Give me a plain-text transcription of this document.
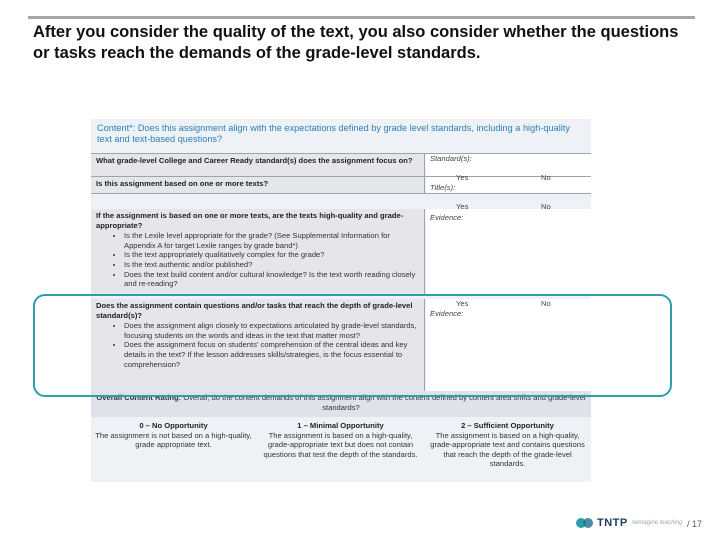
After you consider the quality of the text, you also consider whether the questions or tasks reach the demands of the grade-level standards.
Content*: Does this assignment align with the expectations defined by grade level standards, including a high-quality text and text-based questions?
What grade-level College and Career Ready standard(s) does the assignment focus on?	Standard(s):
Is this assignment based on one or more texts?
Yes	No
Title(s):
If the assignment is based on one or more texts, are the texts high-quality and grade-appropriate?
• Is the Lexile level appropriate for the grade? (See Supplemental Information for Appendix A for target Lexile ranges by grade band*)
• Is the text appropriately qualitatively complex for the grade?
• Is the text authentic and/or published?
• Does the text build content and/or cultural knowledge? Is the text worth reading closely and re-reading?
Yes	No
Evidence:
Does the assignment contain questions and/or tasks that reach the depth of grade-level standard(s)?
• Does the assignment align closely to expectations articulated by grade-level standards, focusing students on the words and ideas in the text that matter most?
• Does the assignment focus on students' comprehension of the central ideas and key details in the text? If the lesson addresses skills/strategies, is the focus essential to comprehension?
Yes	No
Evidence:
Overall Content Rating: Overall, do the content demands of this assignment align with the content defined by content area shifts and grade-level standards?
0 – No Opportunity
The assignment is not based on a high-quality, grade appropriate text.
1 – Minimal Opportunity
The assignment is based on a high-quality, grade-appropriate text but does not contain questions that test the depth of the standards.
2 – Sufficient Opportunity
The assignment is based on a high-quality, grade-appropriate text and contains questions that reach the depth of the grade-level standards.
TNTP reimagine teaching / 17
